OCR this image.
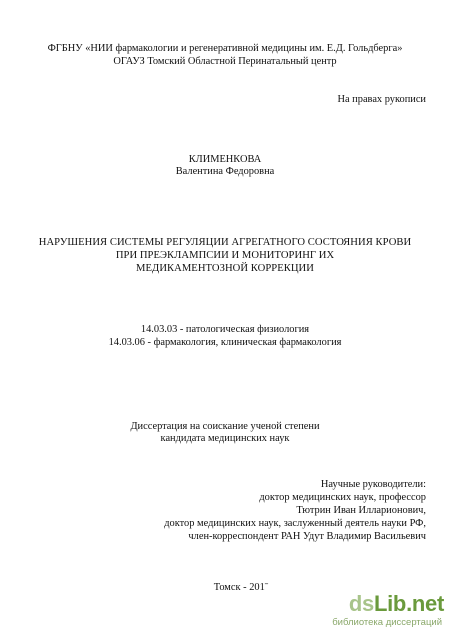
ФГБНУ «НИИ фармакологии и регенеративной медицины им. Е.Д. Гольдберга»
ОГАУЗ Томский Областной Перинатальный центр
На правах рукописи
КЛИМЕНКОВА
Валентина Федоровна
НАРУШЕНИЯ СИСТЕМЫ РЕГУЛЯЦИИ АГРЕГАТНОГО СОСТОЯНИЯ КРОВИ
ПРИ ПРЕЭКЛАМПСИИ И МОНИТОРИНГ ИХ
МЕДИКАМЕНТОЗНОЙ КОРРЕКЦИИ
14.03.03 - патологическая физиология
14.03.06 - фармакология, клиническая фармакология
Диссертация на соискание ученой степени
кандидата медицинских наук
Научные руководители:
доктор медицинских наук, профессор
Тютрин Иван Илларионович,
доктор медицинских наук, заслуженный деятель науки РФ,
член-корреспондент РАН Удут Владимир Васильевич
Томск - 201ˉ
dsLib.net
библиотека диссертаций
